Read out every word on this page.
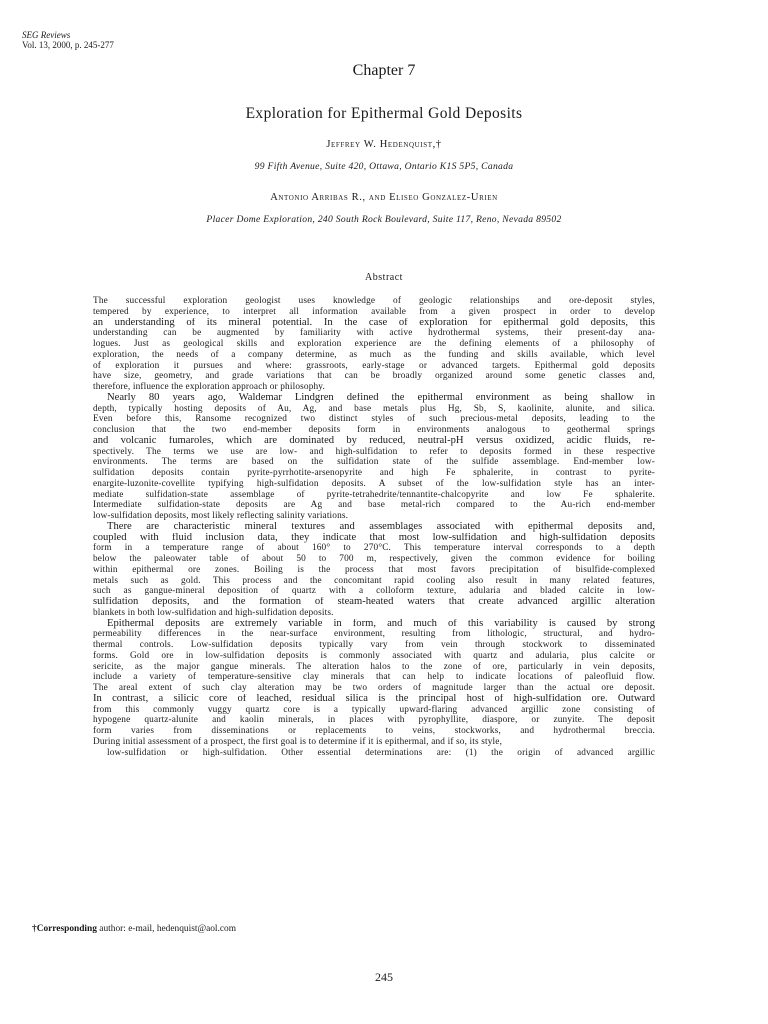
SEG Reviews
Vol. 13, 2000, p. 245-277
Chapter 7
Exploration for Epithermal Gold Deposits
Jeffrey W. Hedenquist,†
99 Fifth Avenue, Suite 420, Ottawa, Ontario K1S 5P5, Canada
Antonio Arribas R., and Eliseo Gonzalez-Urien
Placer Dome Exploration, 240 South Rock Boulevard, Suite 117, Reno, Nevada 89502
Abstract
The successful exploration geologist uses knowledge of geologic relationships and ore-deposit styles,
tempered by experience, to interpret all information available from a given prospect in order to develop
an understanding of its mineral potential. In the case of exploration for epithermal gold deposits, this
understanding can be augmented by familiarity with active hydrothermal systems, their present-day ana-
logues. Just as geological skills and exploration experience are the defining elements of a philosophy of
exploration, the needs of a company determine, as much as the funding and skills available, which level
of exploration it pursues and where: grassroots, early-stage or advanced targets. Epithermal gold deposits
have size, geometry, and grade variations that can be broadly organized around some genetic classes and,
therefore, influence the exploration approach or philosophy.
Nearly 80 years ago, Waldemar Lindgren defined the epithermal environment as being shallow in
depth, typically hosting deposits of Au, Ag, and base metals plus Hg, Sb, S, kaolinite, alunite, and silica.
Even before this, Ransome recognized two distinct styles of such precious-metal deposits, leading to the
conclusion that the two end-member deposits form in environments analogous to geothermal springs
and volcanic fumaroles, which are dominated by reduced, neutral-pH versus oxidized, acidic fluids, re-
spectively. The terms we use are low- and high-sulfidation to refer to deposits formed in these respective
environments. The terms are based on the sulfidation state of the sulfide assemblage. End-member low-
sulfidation deposits contain pyrite-pyrrhotite-arsenopyrite and high Fe sphalerite, in contrast to pyrite-
enargite-luzonite-covellite typifying high-sulfidation deposits. A subset of the low-sulfidation style has an inter-
mediate sulfidation-state assemblage of pyrite-tetrahedrite/tennantite-chalcopyrite and low Fe sphalerite.
Intermediate sulfidation-state deposits are Ag and base metal-rich compared to the Au-rich end-member
low-sulfidation deposits, most likely reflecting salinity variations.
There are characteristic mineral textures and assemblages associated with epithermal deposits and,
coupled with fluid inclusion data, they indicate that most low-sulfidation and high-sulfidation deposits
form in a temperature range of about 160° to 270°C. This temperature interval corresponds to a depth
below the paleowater table of about 50 to 700 m, respectively, given the common evidence for boiling
within epithermal ore zones. Boiling is the process that most favors precipitation of bisulfide-complexed
metals such as gold. This process and the concomitant rapid cooling also result in many related features,
such as gangue-mineral deposition of quartz with a colloform texture, adularia and bladed calcite in low-
sulfidation deposits, and the formation of steam-heated waters that create advanced argillic alteration
blankets in both low-sulfidation and high-sulfidation deposits.
Epithermal deposits are extremely variable in form, and much of this variability is caused by strong
permeability differences in the near-surface environment, resulting from lithologic, structural, and hydro-
thermal controls. Low-sulfidation deposits typically vary from vein through stockwork to disseminated
forms. Gold ore in low-sulfidation deposits is commonly associated with quartz and adularia, plus calcite or
sericite, as the major gangue minerals. The alteration halos to the zone of ore, particularly in vein deposits,
include a variety of temperature-sensitive clay minerals that can help to indicate locations of paleofluid flow.
The areal extent of such clay alteration may be two orders of magnitude larger than the actual ore deposit.
In contrast, a silicic core of leached, residual silica is the principal host of high-sulfidation ore. Outward
from this commonly vuggy quartz core is a typically upward-flaring advanced argillic zone consisting of
hypogene quartz-alunite and kaolin minerals, in places with pyrophyllite, diaspore, or zunyite. The deposit
form varies from disseminations or replacements to veins, stockworks, and hydrothermal breccia.
During initial assessment of a prospect, the first goal is to determine if it is epithermal, and if so, its style,
low-sulfidation or high-sulfidation. Other essential determinations are: (1) the origin of advanced argillic
†Corresponding author: e-mail, hedenquist@aol.com
245
